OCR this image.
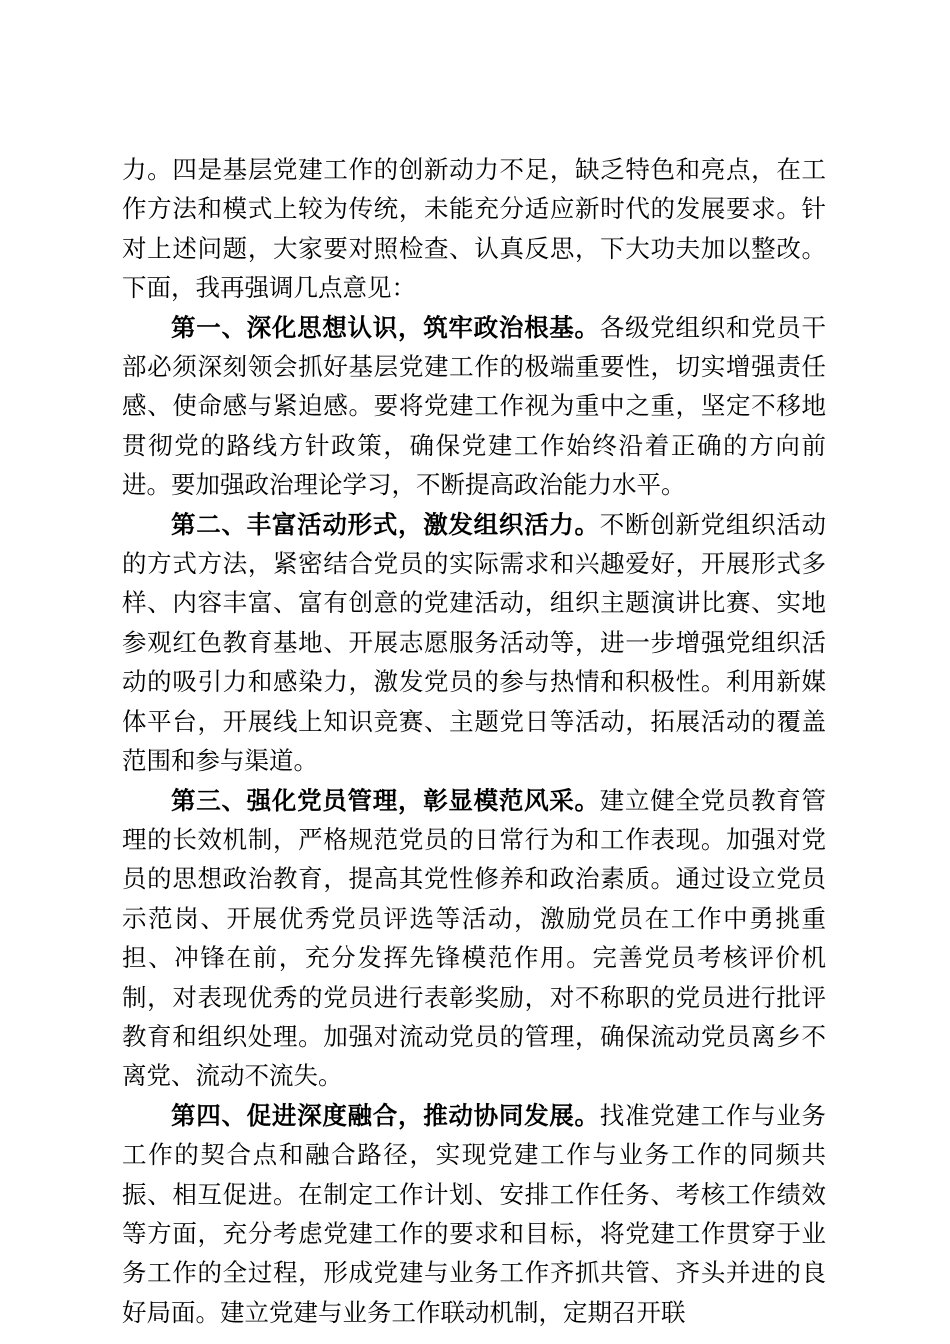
力。四是基层党建工作的创新动力不足，缺乏特色和亮点，在工作方法和模式上较为传统，未能充分适应新时代的发展要求。针对上述问题，大家要对照检查、认真反思，下大功夫加以整改。下面，我再强调几点意见：

第一、深化思想认识，筑牢政治根基。各级党组织和党员干部必须深刻领会抓好基层党建工作的极端重要性，切实增强责任感、使命感与紧迫感。要将党建工作视为重中之重，坚定不移地贯彻党的路线方针政策，确保党建工作始终沿着正确的方向前进。要加强政治理论学习，不断提高政治能力水平。

第二、丰富活动形式，激发组织活力。不断创新党组织活动的方式方法，紧密结合党员的实际需求和兴趣爱好，开展形式多样、内容丰富、富有创意的党建活动，组织主题演讲比赛、实地参观红色教育基地、开展志愿服务活动等，进一步增强党组织活动的吸引力和感染力，激发党员的参与热情和积极性。利用新媒体平台，开展线上知识竞赛、主题党日等活动，拓展活动的覆盖范围和参与渠道。

第三、强化党员管理，彰显模范风采。建立健全党员教育管理的长效机制，严格规范党员的日常行为和工作表现。加强对党员的思想政治教育，提高其党性修养和政治素质。通过设立党员示范岗、开展优秀党员评选等活动，激励党员在工作中勇挑重担、冲锋在前，充分发挥先锋模范作用。完善党员考核评价机制，对表现优秀的党员进行表彰奖励，对不称职的党员进行批评教育和组织处理。加强对流动党员的管理，确保流动党员离乡不离党、流动不流失。

第四、促进深度融合，推动协同发展。找准党建工作与业务工作的契合点和融合路径，实现党建工作与业务工作的同频共振、相互促进。在制定工作计划、安排工作任务、考核工作绩效等方面，充分考虑党建工作的要求和目标，将党建工作贯穿于业务工作的全过程，形成党建与业务工作齐抓共管、齐头并进的良好局面。建立党建与业务工作联动机制，定期召开联
